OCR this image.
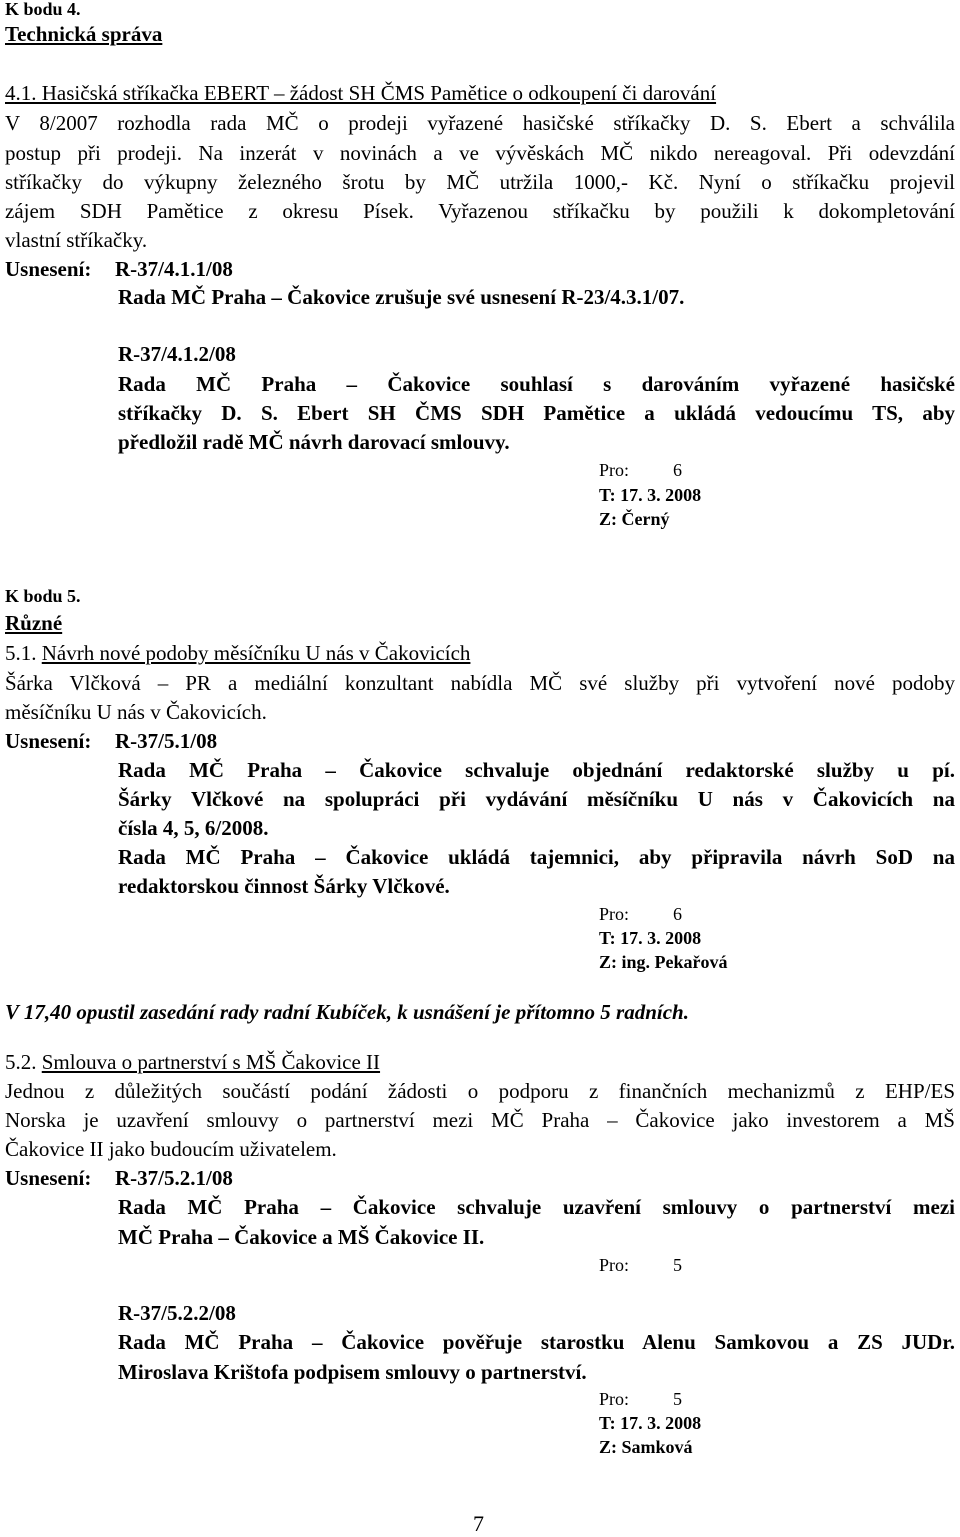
K bodu 4.
Technická správa
4.1. Hasičská stříkačka EBERT – žádost SH ČMS Pamětice o odkoupení či darování
V 8/2007 rozhodla rada MČ o prodeji vyřazené hasičské stříkačky D. S. Ebert a schválila
postup při prodeji. Na inzerát v novinách a ve vývěskách MČ nikdo nereagoval. Při odevzdání
stříkačky do výkupny železného šrotu by MČ utržila 1000,- Kč. Nyní o stříkačku projevil
zájem SDH Pamětice z okresu Písek. Vyřazenou stříkačku by použili k dokompletování
vlastní stříkačky.
Usnesení: R-37/4.1.1/08
Rada MČ Praha – Čakovice zrušuje své usnesení R-23/4.3.1/07.
R-37/4.1.2/08
Rada MČ Praha – Čakovice souhlasí s darováním vyřazené hasičské
stříkačky D. S. Ebert SH ČMS SDH Pamětice a ukládá vedoucímu TS, aby
předložil radě MČ návrh darovací smlouvy.
Pro: 6
T: 17. 3. 2008
Z: Černý
K bodu 5.
Různé
5.1. Návrh nové podoby měsíčníku U nás v Čakovicích
Šárka Vlčková – PR a mediální konzultant nabídla MČ své služby při vytvoření nové podoby
měsíčníku U nás v Čakovicích.
Usnesení: R-37/5.1/08
Rada MČ Praha – Čakovice schvaluje objednání redaktorské služby u pí.
Šárky Vlčkové na spolupráci při vydávání měsíčníku U nás v Čakovicích na
čísla 4, 5, 6/2008.
Rada MČ Praha – Čakovice ukládá tajemnici, aby připravila návrh SoD na
redaktorskou činnost Šárky Vlčkové.
Pro: 6
T: 17. 3. 2008
Z: ing. Pekařová
V 17,40 opustil zasedání rady radní Kubíček, k usnášení je přítomno 5 radních.
5.2. Smlouva o partnerství s MŠ Čakovice II
Jednou z důležitých součástí podání žádosti o podporu z finančních mechanizmů z EHP/ES
Norska je uzavření smlouvy o partnerství mezi MČ Praha – Čakovice jako investorem a MŠ
Čakovice II jako budoucím uživatelem.
Usnesení: R-37/5.2.1/08
Rada MČ Praha – Čakovice schvaluje uzavření smlouvy o partnerství mezi
MČ Praha – Čakovice a MŠ Čakovice II.
Pro: 5
R-37/5.2.2/08
Rada MČ Praha – Čakovice pověřuje starostku Alenu Samkovou a ZS JUDr.
Miroslava Krištofa podpisem smlouvy o partnerství.
Pro: 5
T: 17. 3. 2008
Z: Samková
7
